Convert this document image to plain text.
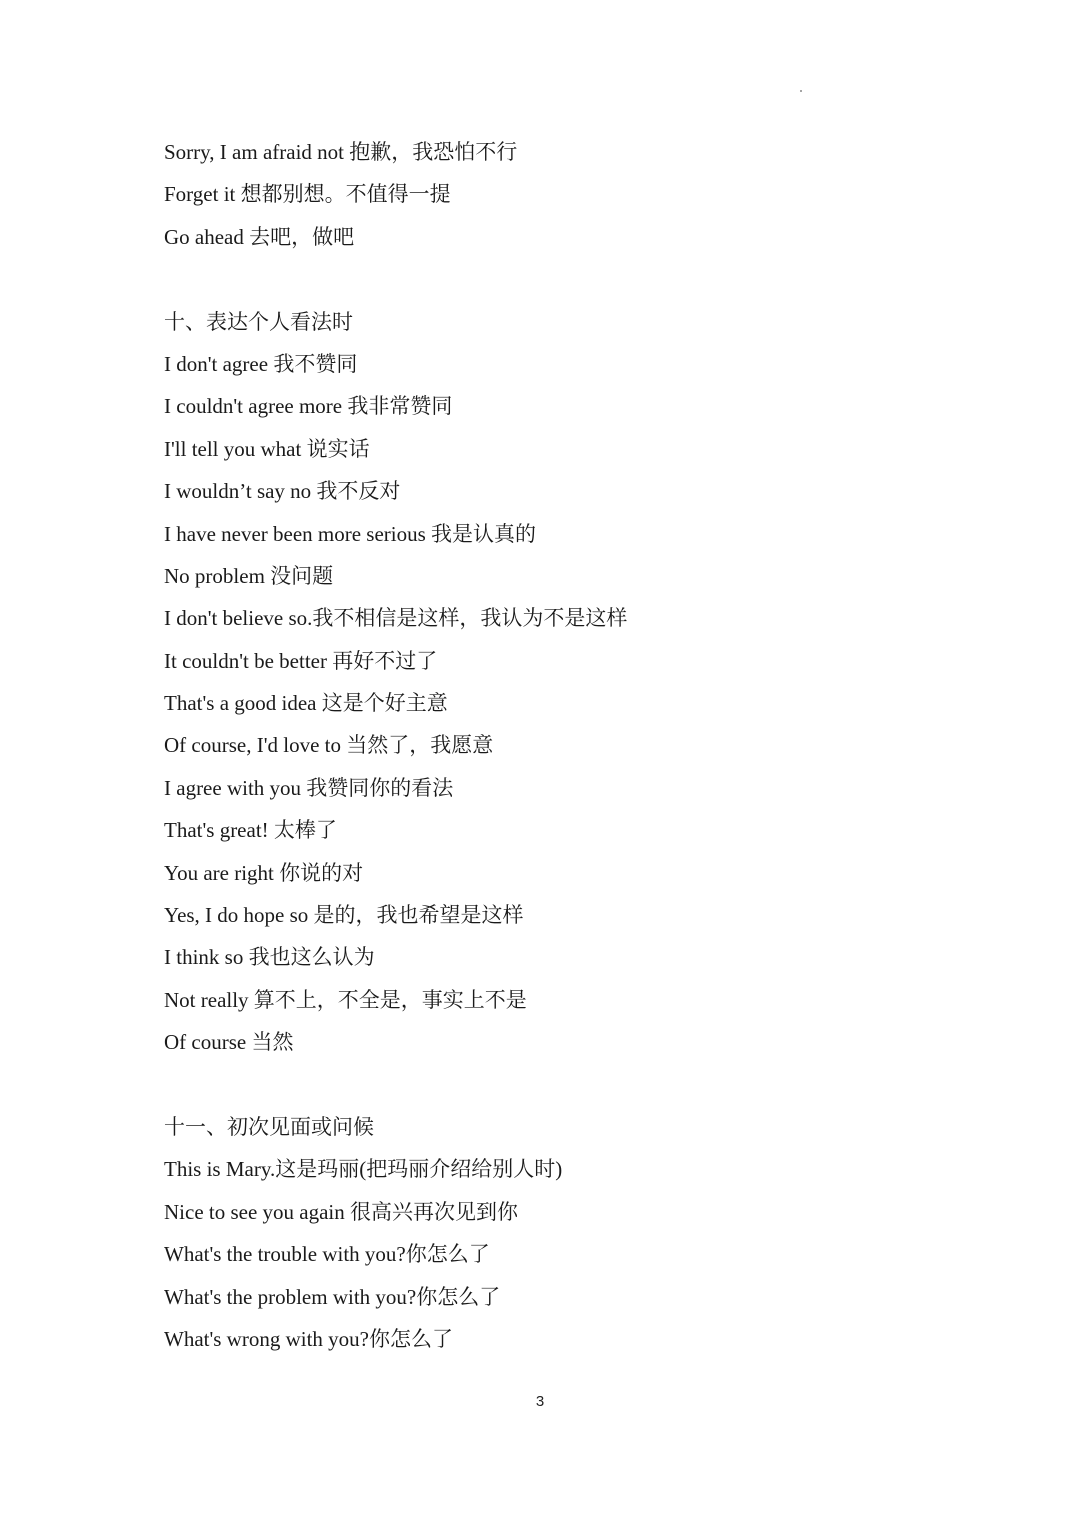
Sorry, I am afraid not 抱歉，我恐怕不行

Forget it 想都别想。不值得一提

Go ahead 去吧，做吧

十、表达个人看法时

I don't agree 我不赞同

I couldn't agree more 我非常赞同

I'll tell you what 说实话

I wouldn’t say no 我不反对

I have never been more serious 我是认真的

No problem 没问题

I don't believe so.我不相信是这样，我认为不是这样

It couldn't be better 再好不过了

That's a good idea 这是个好主意

Of course, I'd love to 当然了，我愿意

I agree with you 我赞同你的看法

That's great! 太棒了

You are right 你说的对

Yes, I do hope so 是的，我也希望是这样

I think so 我也这么认为

Not really 算不上，不全是，事实上不是

Of course 当然

十一、初次见面或问候

This is Mary.这是玛丽(把玛丽介绍给别人时)

Nice to see you again 很高兴再次见到你

What's the trouble with you?你怎么了

What's the problem with you?你怎么了

What's wrong with you?你怎么了

3
